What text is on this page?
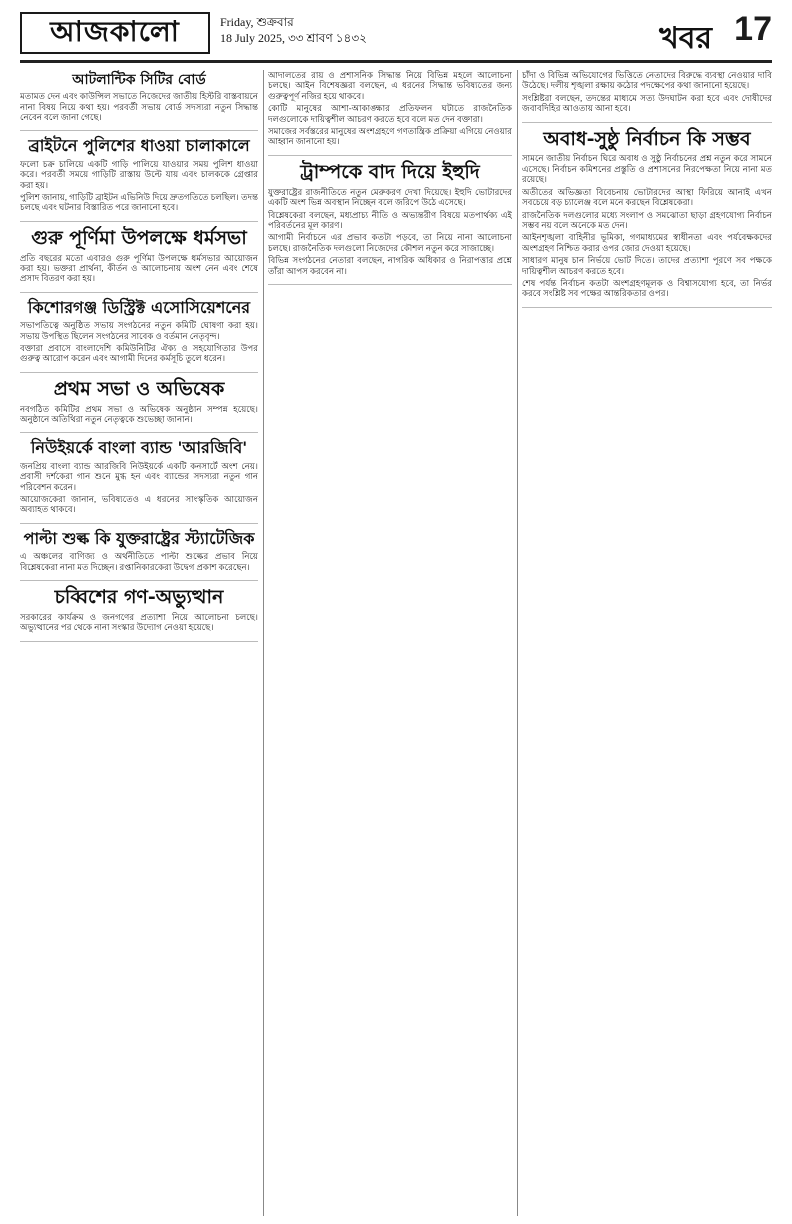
আজকালো	Friday, শুক্রবার
18 July 2025, ৩৩ শ্রাবণ ১৪৩২	খবর 17
আটলান্টিক সিটির বোর্ড

মতামত দেন এবং কাউন্সিল সভাতে নিজেদের জাতীয় হিস্টরি বাস্তবায়নে নানা বিষয় নিয়ে কথা হয়। পরবর্তী সভায় বোর্ড সদস্যরা নতুন সিদ্ধান্ত নেবেন বলে জানা গেছে।

ব্রাইটনে পুলিশের ধাওয়া চালাকালে

ফলো চক্র চালিয়ে একটি গাড়ি পালিয়ে যাওয়ার সময় পুলিশ ধাওয়া করে। পরবর্তী সময়ে গাড়িটি রাস্তায় উল্টে যায় এবং চালককে গ্রেপ্তার করা হয়।

পুলিশ জানায়, গাড়িটি ব্রাইটন এভিনিউ দিয়ে দ্রুতগতিতে চলছিল। তদন্ত চলছে এবং ঘটনার বিস্তারিত পরে জানানো হবে।

গুরু পূর্ণিমা উপলক্ষে ধর্মসভা

প্রতি বছরের মতো এবারও গুরু পূর্ণিমা উপলক্ষে ধর্মসভার আয়োজন করা হয়। ভক্তরা প্রার্থনা, কীর্তন ও আলোচনায় অংশ নেন এবং শেষে প্রসাদ বিতরণ করা হয়।

কিশোরগঞ্জ ডিস্ট্রিক্ট এসোসিয়েশনের

সভাপতিত্বে অনুষ্ঠিত সভায় সংগঠনের নতুন কমিটি ঘোষণা করা হয়। সভায় উপস্থিত ছিলেন সংগঠনের সাবেক ও বর্তমান নেতৃবৃন্দ।

বক্তারা প্রবাসে বাংলাদেশি কমিউনিটির ঐক্য ও সহযোগিতার উপর গুরুত্ব আরোপ করেন এবং আগামী দিনের কর্মসূচি তুলে ধরেন।

প্রথম সভা ও অভিষেক

নবগঠিত কমিটির প্রথম সভা ও অভিষেক অনুষ্ঠান সম্পন্ন হয়েছে। অনুষ্ঠানে অতিথিরা নতুন নেতৃত্বকে শুভেচ্ছা জানান।

নিউইয়র্কে বাংলা ব্যান্ড 'আরজিবি'

জনপ্রিয় বাংলা ব্যান্ড আরজিবি নিউইয়র্কে একটি কনসার্টে অংশ নেয়। প্রবাসী দর্শকেরা গান শুনে মুগ্ধ হন এবং ব্যান্ডের সদস্যরা নতুন গান পরিবেশন করেন।

আয়োজকেরা জানান, ভবিষ্যতেও এ ধরনের সাংস্কৃতিক আয়োজন অব্যাহত থাকবে।

পাল্টা শুল্ক কি যুক্তরাষ্ট্রের স্ট্যাটেজিক

এ অঞ্চলের বাণিজ্য ও অর্থনীতিতে পাল্টা শুল্কের প্রভাব নিয়ে বিশ্লেষকেরা নানা মত দিচ্ছেন। রপ্তানিকারকেরা উদ্বেগ প্রকাশ করেছেন।

চব্বিশের গণ-অভ্যুত্থান

সরকারের কার্যক্রম ও জনগণের প্রত্যাশা নিয়ে আলোচনা চলছে। অভ্যুত্থানের পর থেকে নানা সংস্কার উদ্যোগ নেওয়া হয়েছে।

আদালতের রায় ও প্রশাসনিক সিদ্ধান্ত নিয়ে বিভিন্ন মহলে আলোচনা চলছে। আইন বিশেষজ্ঞরা বলছেন, এ ধরনের সিদ্ধান্ত ভবিষ্যতের জন্য গুরুত্বপূর্ণ নজির হয়ে থাকবে।

কোটি মানুষের আশা-আকাঙ্ক্ষার প্রতিফলন ঘটাতে রাজনৈতিক দলগুলোকে দায়িত্বশীল আচরণ করতে হবে বলে মত দেন বক্তারা।

সমাজের সর্বস্তরের মানুষের অংশগ্রহণে গণতান্ত্রিক প্রক্রিয়া এগিয়ে নেওয়ার আহ্বান জানানো হয়।

ট্রাম্পকে বাদ দিয়ে ইহুদি

যুক্তরাষ্ট্রের রাজনীতিতে নতুন মেরুকরণ দেখা দিয়েছে। ইহুদি ভোটারদের একটি অংশ ভিন্ন অবস্থান নিচ্ছেন বলে জরিপে উঠে এসেছে।

বিশ্লেষকেরা বলছেন, মধ্যপ্রাচ্য নীতি ও অভ্যন্তরীণ বিষয়ে মতপার্থক্য এই পরিবর্তনের মূল কারণ।

আগামী নির্বাচনে এর প্রভাব কতটা পড়বে, তা নিয়ে নানা আলোচনা চলছে। রাজনৈতিক দলগুলো নিজেদের কৌশল নতুন করে সাজাচ্ছে।

বিভিন্ন সংগঠনের নেতারা বলছেন, নাগরিক অধিকার ও নিরাপত্তার প্রশ্নে তাঁরা আপস করবেন না।

চাঁদা ও বিভিন্ন অভিযোগের ভিত্তিতে নেতাদের বিরুদ্ধে ব্যবস্থা নেওয়ার দাবি উঠেছে। দলীয় শৃঙ্খলা রক্ষায় কঠোর পদক্ষেপের কথা জানানো হয়েছে।

সংশ্লিষ্টরা বলছেন, তদন্তের মাধ্যমে সত্য উদঘাটন করা হবে এবং দোষীদের জবাবদিহির আওতায় আনা হবে।

অবাধ-সুষ্ঠু নির্বাচন কি সম্ভব

সামনে জাতীয় নির্বাচন ঘিরে অবাধ ও সুষ্ঠু নির্বাচনের প্রশ্ন নতুন করে সামনে এসেছে। নির্বাচন কমিশনের প্রস্তুতি ও প্রশাসনের নিরপেক্ষতা নিয়ে নানা মত রয়েছে।

অতীতের অভিজ্ঞতা বিবেচনায় ভোটারদের আস্থা ফিরিয়ে আনাই এখন সবচেয়ে বড় চ্যালেঞ্জ বলে মনে করছেন বিশ্লেষকেরা।

রাজনৈতিক দলগুলোর মধ্যে সংলাপ ও সমঝোতা ছাড়া গ্রহণযোগ্য নির্বাচন সম্ভব নয় বলে অনেকে মত দেন।

আইনশৃঙ্খলা বাহিনীর ভূমিকা, গণমাধ্যমের স্বাধীনতা এবং পর্যবেক্ষকদের অংশগ্রহণ নিশ্চিত করার ওপর জোর দেওয়া হয়েছে।

সাধারণ মানুষ চান নির্ভয়ে ভোট দিতে। তাদের প্রত্যাশা পূরণে সব পক্ষকে দায়িত্বশীল আচরণ করতে হবে।

শেষ পর্যন্ত নির্বাচন কতটা অংশগ্রহণমূলক ও বিশ্বাসযোগ্য হবে, তা নির্ভর করবে সংশ্লিষ্ট সব পক্ষের আন্তরিকতার ওপর।
